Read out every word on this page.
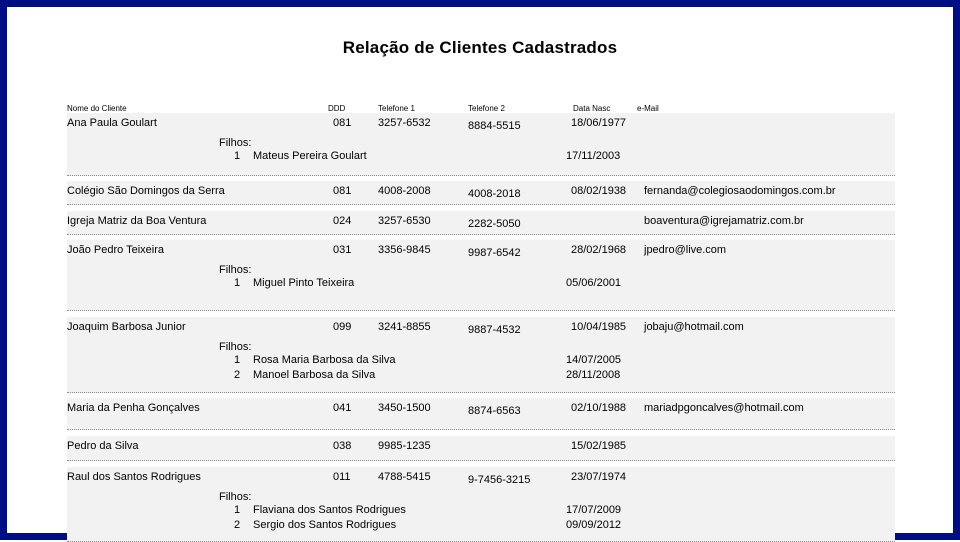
Relação de Clientes Cadastrados
Nome do Cliente	DDD	Telefone 1	Telefone 2	Data Nasc	e-Mail
Ana Paula Goulart	081 3257-6532	8884-5515	18/06/1977
Filhos:
1 Mateus Pereira Goulart	17/11/2003
Colégio São Domingos da Serra	081 4008-2008	4008-2018	08/02/1938 fernanda@colegiosaodomingos.com.br
Igreja Matriz da Boa Ventura	024 3257-6530	2282-5050	boaventura@igrejamatriz.com.br
João Pedro Teixeira	031 3356-9845	9987-6542	28/02/1968 jpedro@live.com
Filhos:
1 Miguel Pinto Teixeira	05/06/2001
Joaquim Barbosa Junior	099 3241-8855	9887-4532	10/04/1985 jobaju@hotmail.com
Filhos:
1 Rosa Maria Barbosa da Silva	14/07/2005
2 Manoel Barbosa da Silva	28/11/2008
Maria da Penha Gonçalves	041 3450-1500	8874-6563	02/10/1988 mariadpgoncalves@hotmail.com
Pedro da Silva	038 9985-1235	15/02/1985
Raul dos Santos Rodrigues	011 4788-5415	9-7456-3215	23/07/1974
Filhos:
1 Flaviana dos Santos Rodrigues	17/07/2009
2 Sergio dos Santos Rodrigues	09/09/2012
